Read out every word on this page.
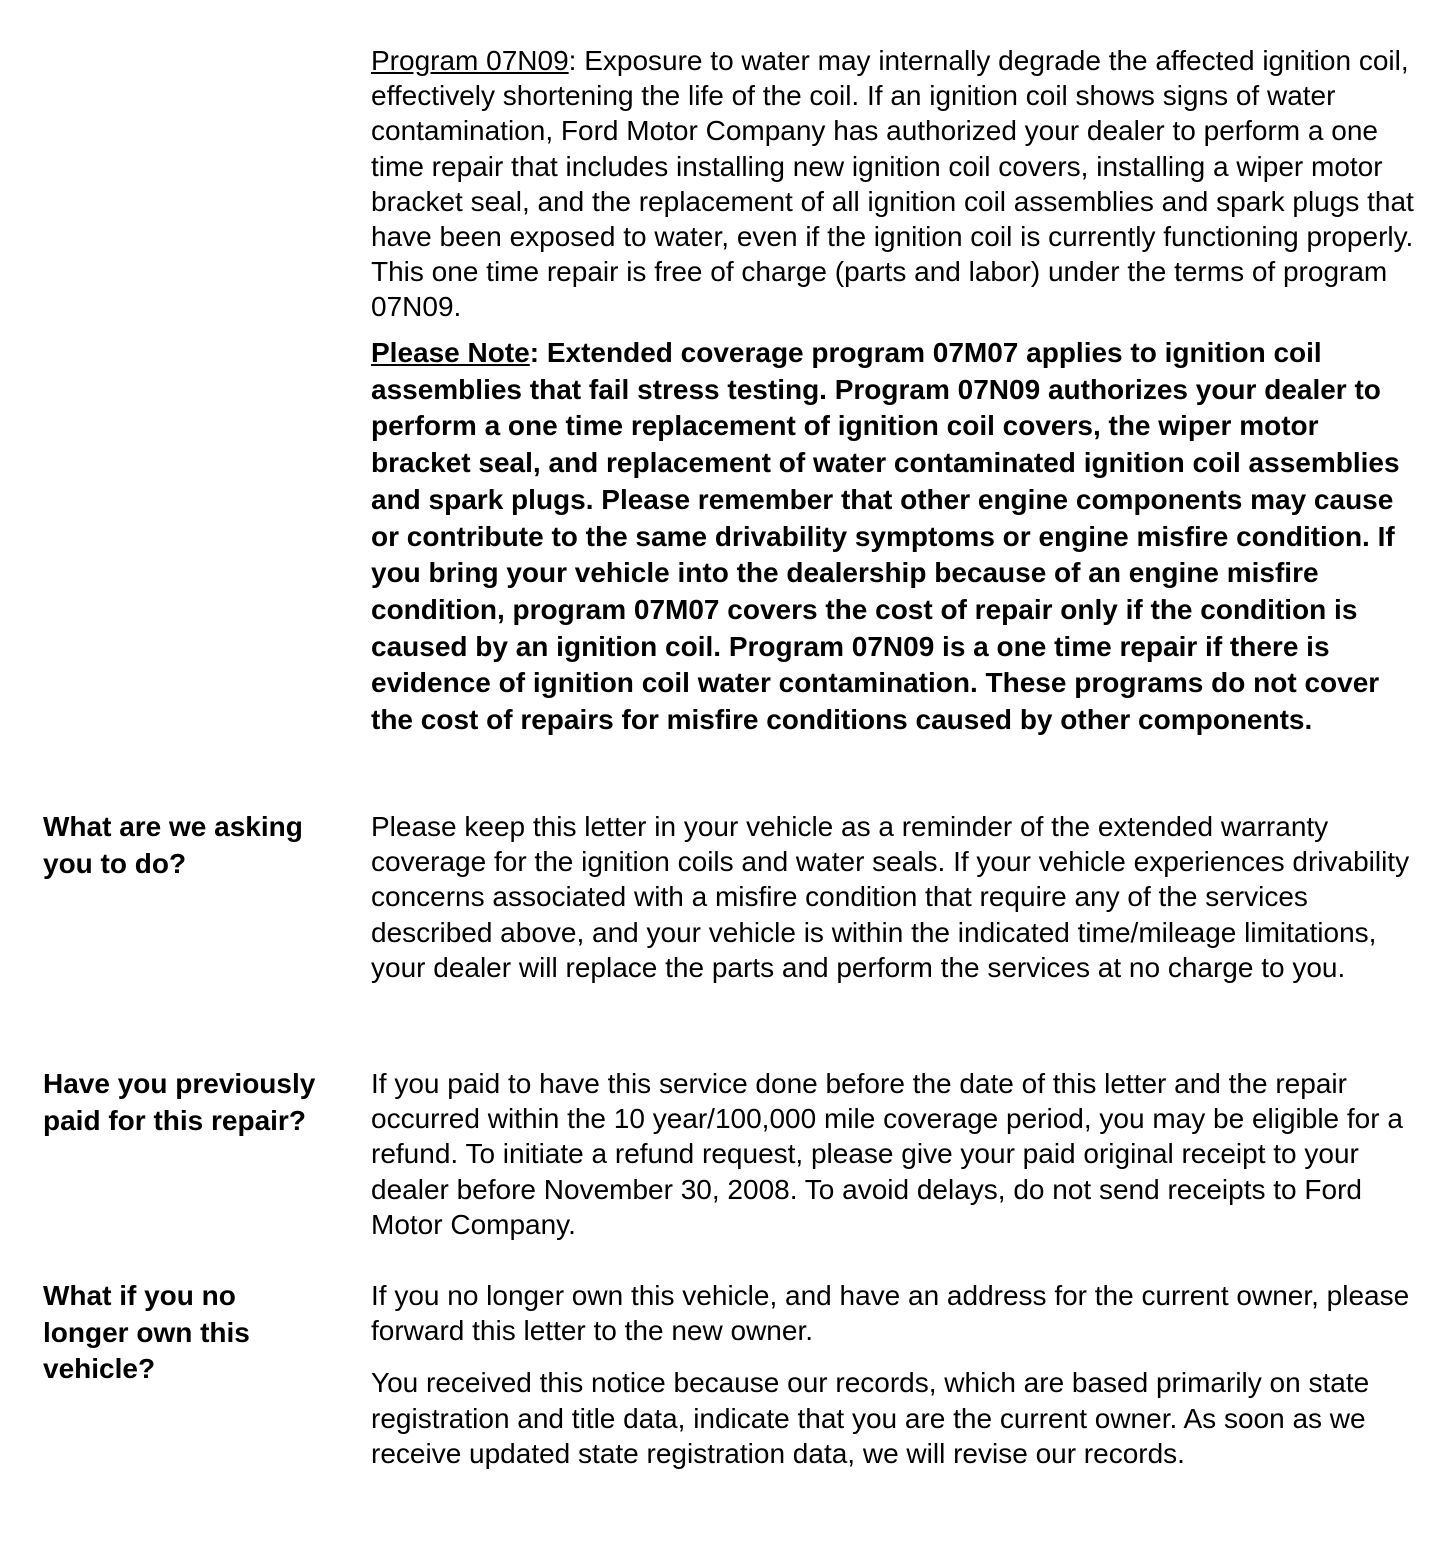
Program 07N09: Exposure to water may internally degrade the affected ignition coil, effectively shortening the life of the coil. If an ignition coil shows signs of water contamination, Ford Motor Company has authorized your dealer to perform a one time repair that includes installing new ignition coil covers, installing a wiper motor bracket seal, and the replacement of all ignition coil assemblies and spark plugs that have been exposed to water, even if the ignition coil is currently functioning properly. This one time repair is free of charge (parts and labor) under the terms of program 07N09.

Please Note: Extended coverage program 07M07 applies to ignition coil assemblies that fail stress testing. Program 07N09 authorizes your dealer to perform a one time replacement of ignition coil covers, the wiper motor bracket seal, and replacement of water contaminated ignition coil assemblies and spark plugs. Please remember that other engine components may cause or contribute to the same drivability symptoms or engine misfire condition. If you bring your vehicle into the dealership because of an engine misfire condition, program 07M07 covers the cost of repair only if the condition is caused by an ignition coil. Program 07N09 is a one time repair if there is evidence of ignition coil water contamination. These programs do not cover the cost of repairs for misfire conditions caused by other components.

What are we asking you to do?

Please keep this letter in your vehicle as a reminder of the extended warranty coverage for the ignition coils and water seals. If your vehicle experiences drivability concerns associated with a misfire condition that require any of the services described above, and your vehicle is within the indicated time/mileage limitations, your dealer will replace the parts and perform the services at no charge to you.

Have you previously paid for this repair?

If you paid to have this service done before the date of this letter and the repair occurred within the 10 year/100,000 mile coverage period, you may be eligible for a refund. To initiate a refund request, please give your paid original receipt to your dealer before November 30, 2008. To avoid delays, do not send receipts to Ford Motor Company.

What if you no longer own this vehicle?

If you no longer own this vehicle, and have an address for the current owner, please forward this letter to the new owner.

You received this notice because our records, which are based primarily on state registration and title data, indicate that you are the current owner. As soon as we receive updated state registration data, we will revise our records.
